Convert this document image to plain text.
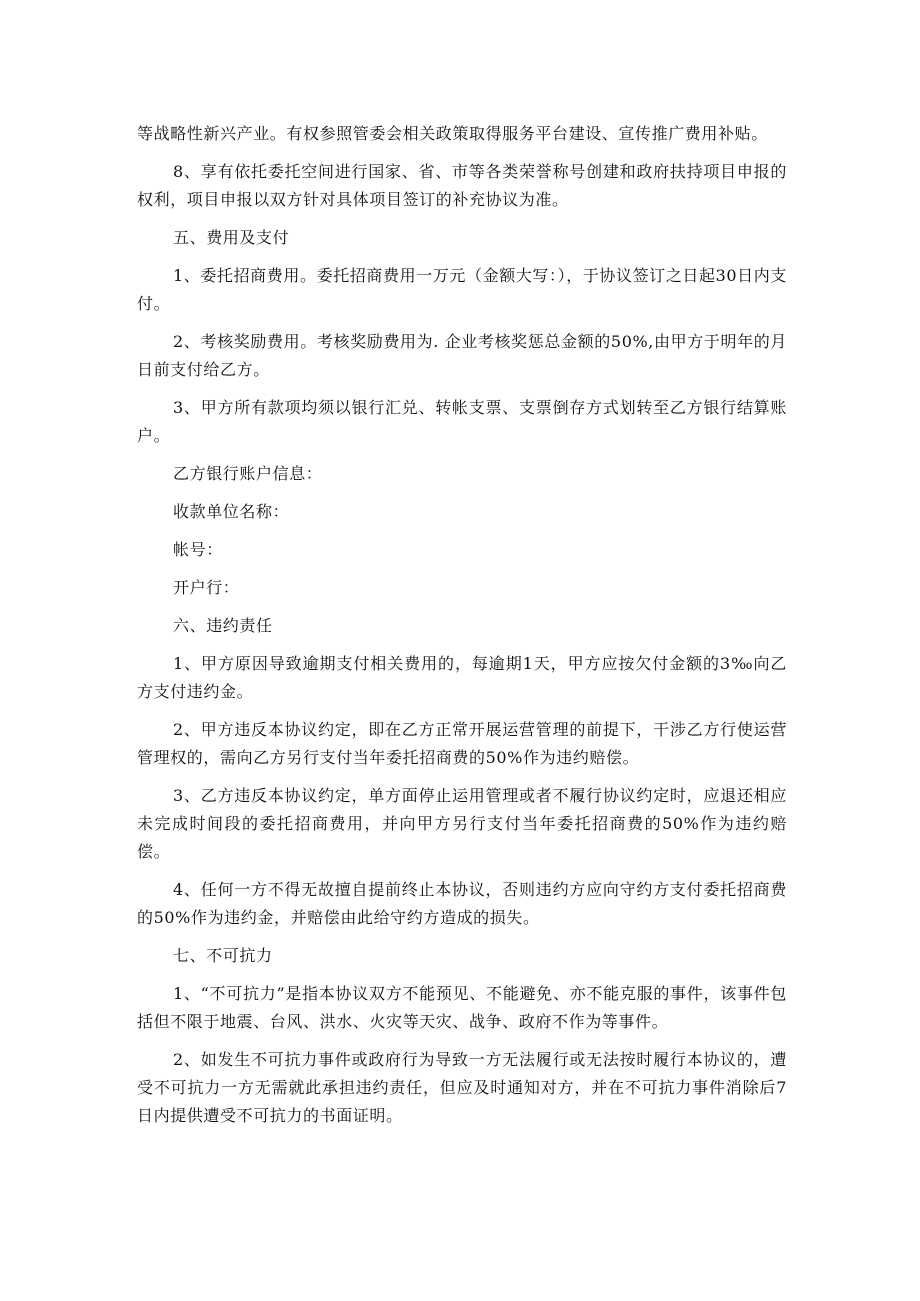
等战略性新兴产业。有权参照管委会相关政策取得服务平台建设、宣传推广费用补贴。

8、享有依托委托空间进行国家、省、市等各类荣誉称号创建和政府扶持项目申报的权利，项目申报以双方针对具体项目签订的补充协议为准。

五、费用及支付

1、委托招商费用。委托招商费用一万元（金额大写：），于协议签订之日起30日内支付。

2、考核奖励费用。考核奖励费用为. 企业考核奖惩总金额的50%,由甲方于明年的月日前支付给乙方。

3、甲方所有款项均须以银行汇兑、转帐支票、支票倒存方式划转至乙方银行结算账户。

乙方银行账户信息：

收款单位名称：

帐号：

开户行：

六、违约责任

1、甲方原因导致逾期支付相关费用的，每逾期1天，甲方应按欠付金额的3‰向乙方支付违约金。

2、甲方违反本协议约定，即在乙方正常开展运营管理的前提下，干涉乙方行使运营管理权的，需向乙方另行支付当年委托招商费的50%作为违约赔偿。

3、乙方违反本协议约定，单方面停止运用管理或者不履行协议约定时，应退还相应未完成时间段的委托招商费用，并向甲方另行支付当年委托招商费的50%作为违约赔偿。

4、任何一方不得无故擅自提前终止本协议，否则违约方应向守约方支付委托招商费的50%作为违约金，并赔偿由此给守约方造成的损失。

七、不可抗力

1、“不可抗力”是指本协议双方不能预见、不能避免、亦不能克服的事件，该事件包括但不限于地震、台风、洪水、火灾等天灾、战争、政府不作为等事件。

2、如发生不可抗力事件或政府行为导致一方无法履行或无法按时履行本协议的，遭受不可抗力一方无需就此承担违约责任，但应及时通知对方，并在不可抗力事件消除后7日内提供遭受不可抗力的书面证明。
